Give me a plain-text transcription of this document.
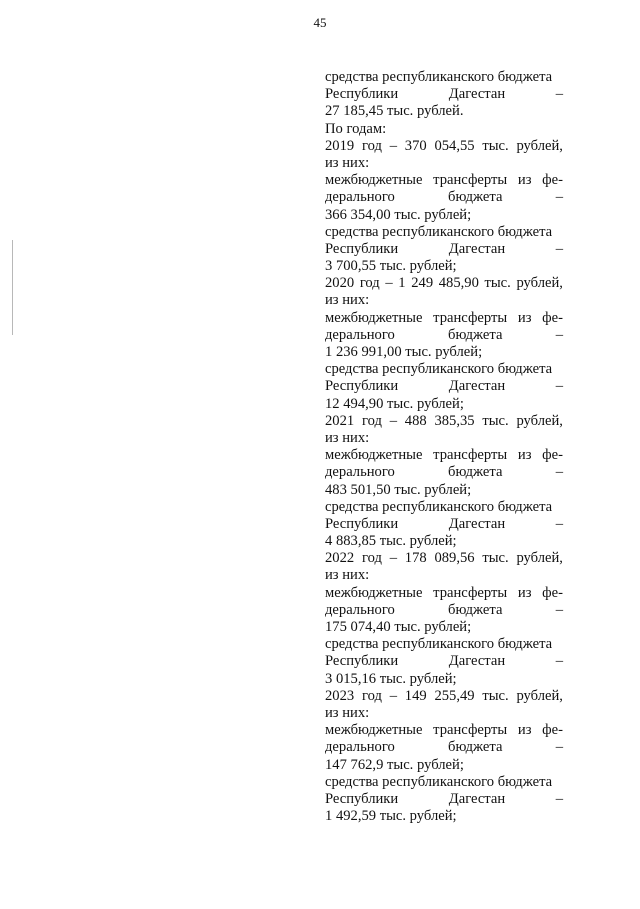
45
средства республиканского бюджета
Республики	Дагестан	–
27 185,45 тыс. рублей.
По годам:
2019 год – 370 054,55 тыс. рублей,
из них:
межбюджетные трансферты из фе-
дерального	бюджета	–
366 354,00 тыс. рублей;
средства республиканского бюджета
Республики	Дагестан	–
3 700,55 тыс. рублей;
2020 год – 1 249 485,90 тыс. рублей,
из них:
межбюджетные трансферты из фе-
дерального	бюджета	–
1 236 991,00 тыс. рублей;
средства республиканского бюджета
Республики	Дагестан	–
12 494,90 тыс. рублей;
2021 год – 488 385,35 тыс. рублей,
из них:
межбюджетные трансферты из фе-
дерального	бюджета	–
483 501,50 тыс. рублей;
средства республиканского бюджета
Республики	Дагестан	–
4 883,85 тыс. рублей;
2022 год – 178 089,56 тыс. рублей,
из них:
межбюджетные трансферты из фе-
дерального	бюджета	–
175 074,40 тыс. рублей;
средства республиканского бюджета
Республики	Дагестан	–
3 015,16 тыс. рублей;
2023 год – 149 255,49 тыс. рублей,
из них:
межбюджетные трансферты из фе-
дерального	бюджета	–
147 762,9 тыс. рублей;
средства республиканского бюджета
Республики	Дагестан	–
1 492,59 тыс. рублей;
